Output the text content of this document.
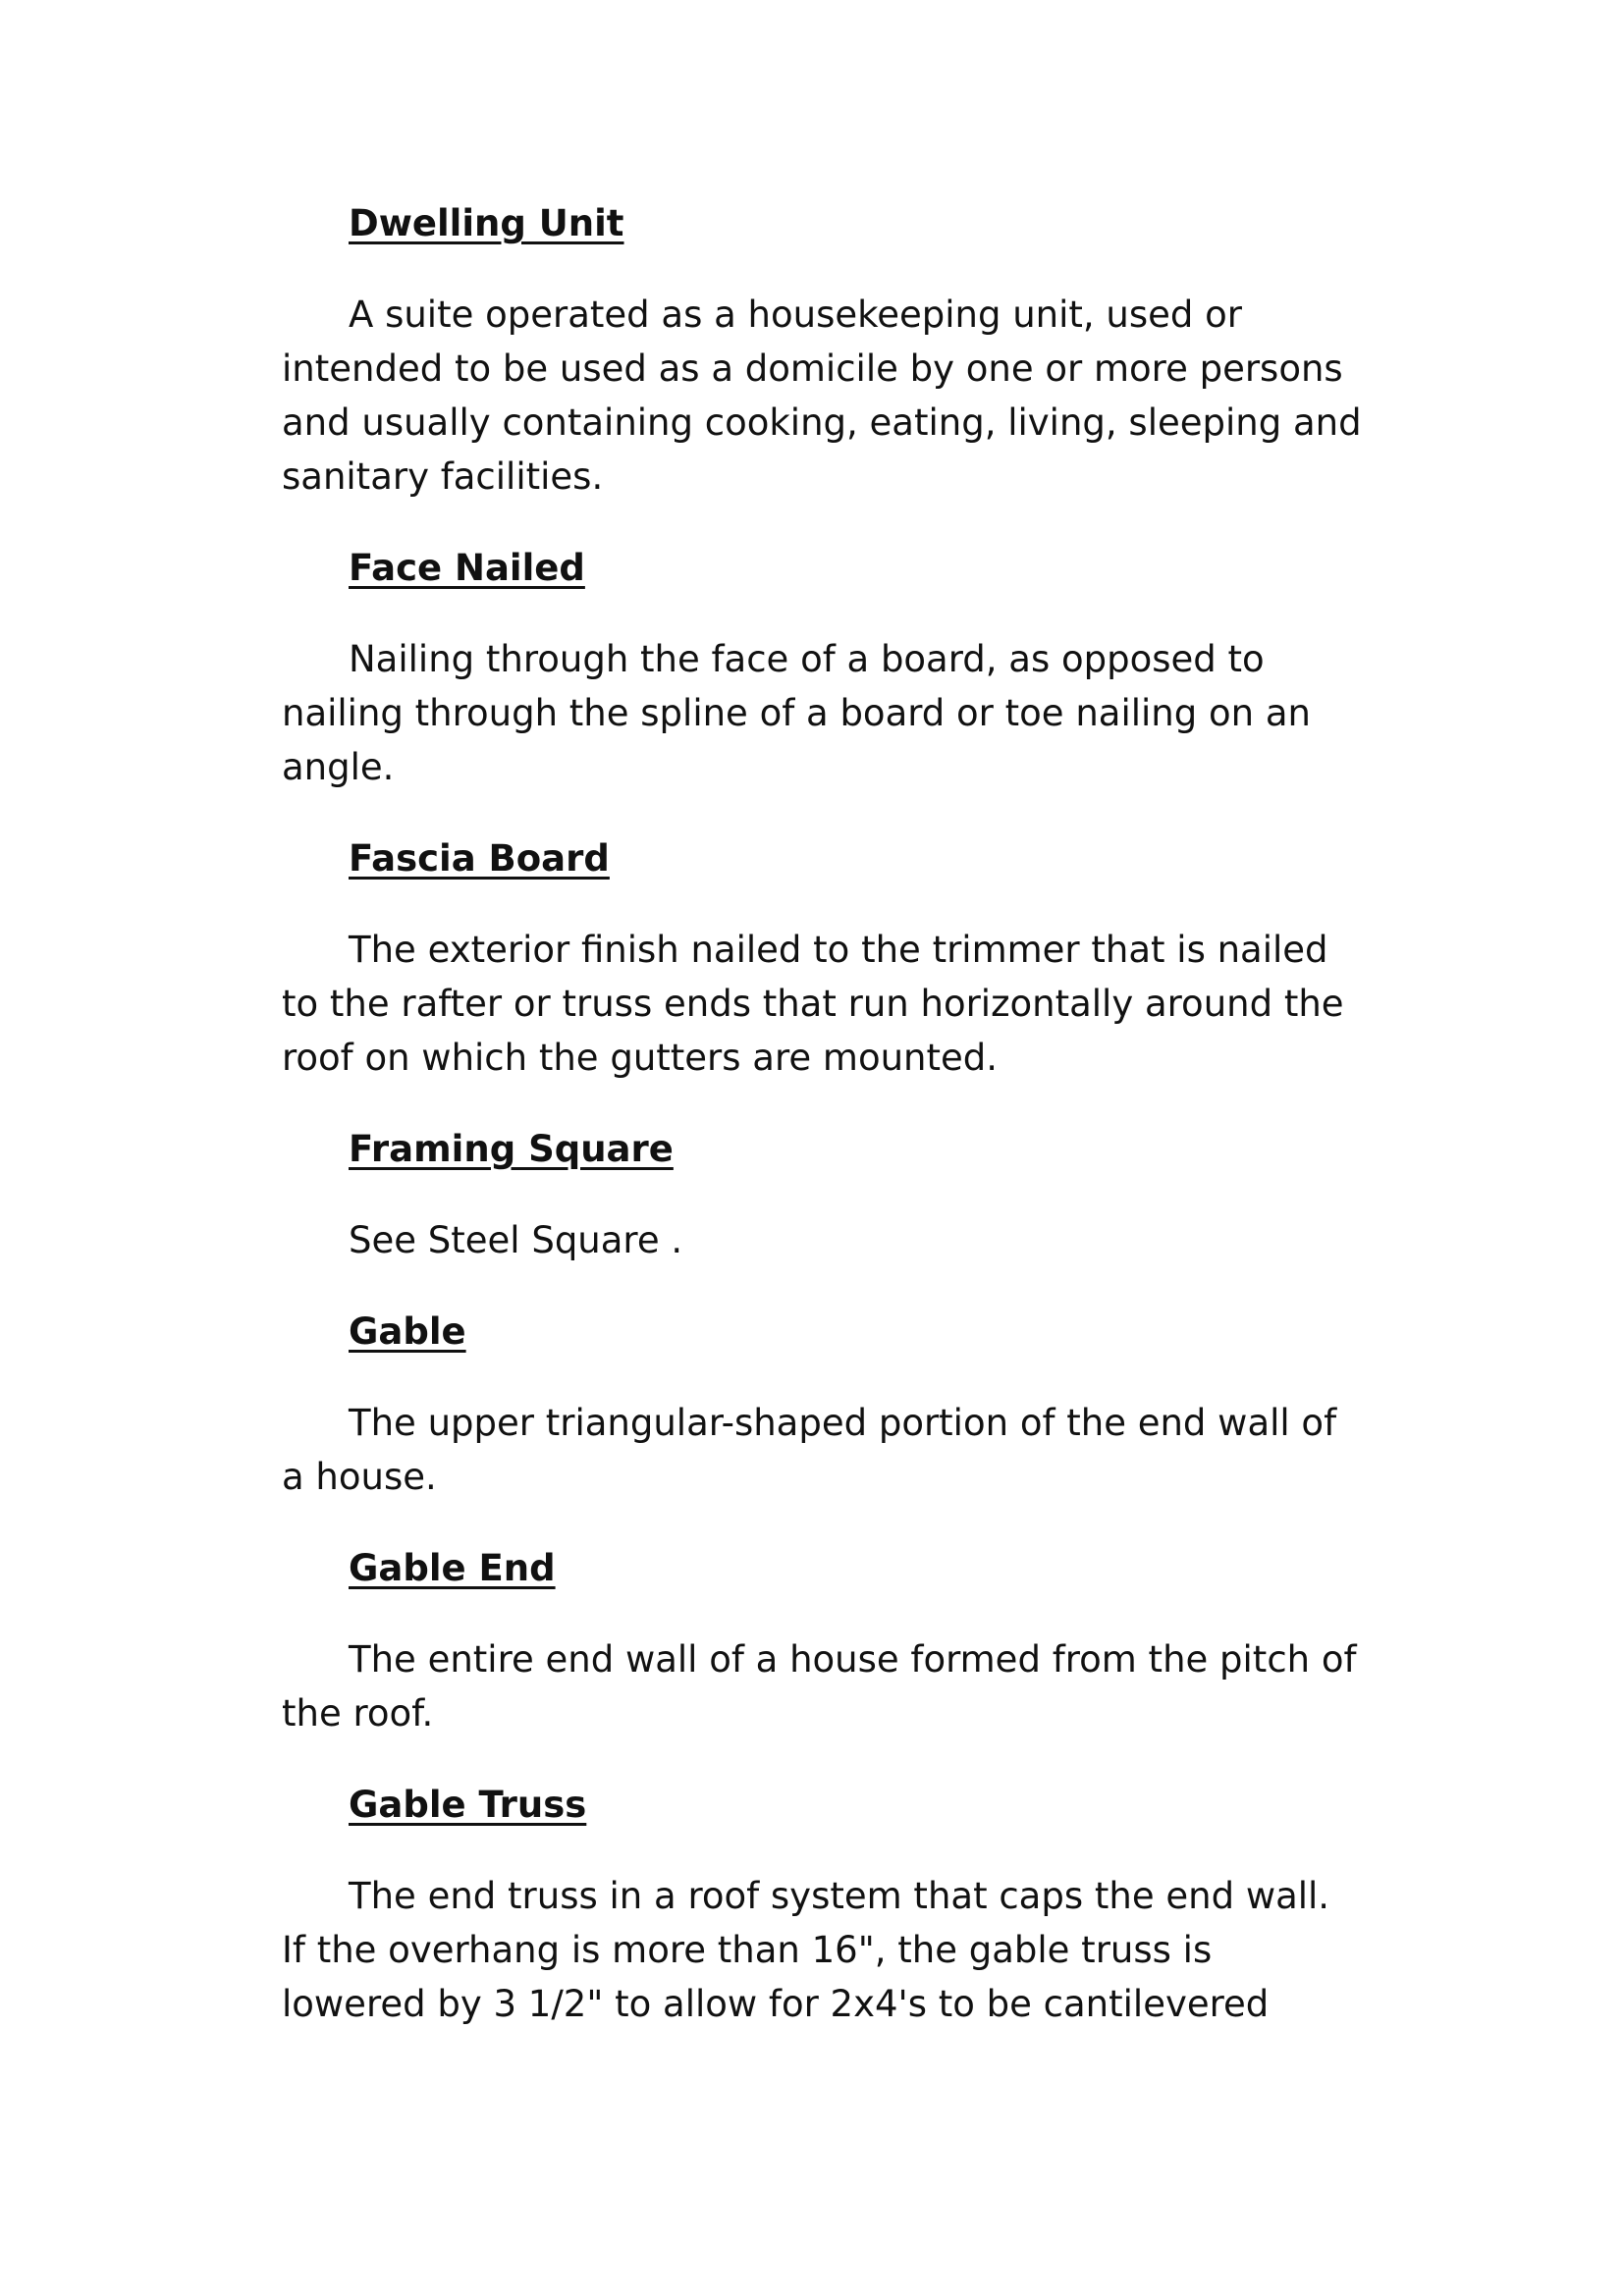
Dwelling Unit

A suite operated as a housekeeping unit, used or intended to be used as a domicile by one or more persons and usually containing cooking, eating, living, sleeping and sanitary facilities.

Face Nailed

Nailing through the face of a board, as opposed to nailing through the spline of a board or toe nailing on an angle.

Fascia Board

The exterior finish nailed to the trimmer that is nailed to the rafter or truss ends that run horizontally around the roof on which the gutters are mounted.

Framing Square

See Steel Square .

Gable

The upper triangular-shaped portion of the end wall of a house.

Gable End

The entire end wall of a house formed from the pitch of the roof.

Gable Truss

The end truss in a roof system that caps the end wall. If the overhang is more than 16", the gable truss is lowered by 3 1/2" to allow for 2x4's to be cantilevered
